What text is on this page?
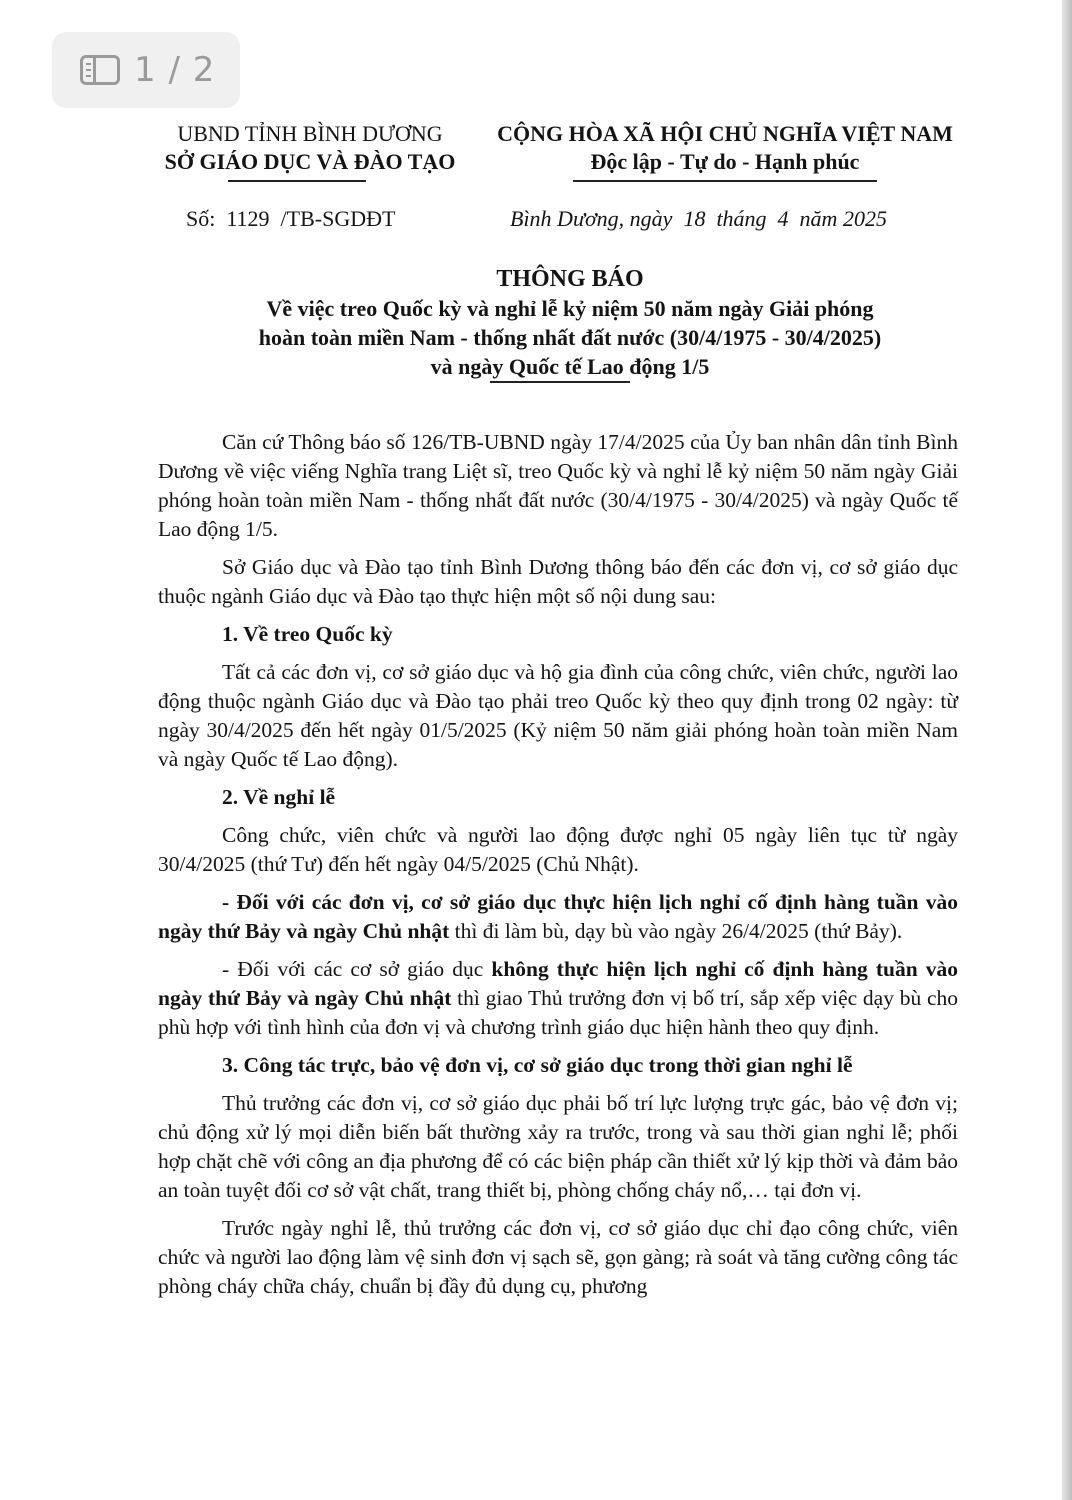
1 / 2
UBND TỈNH BÌNH DƯƠNG
SỞ GIÁO DỤC VÀ ĐÀO TẠO
CỘNG HÒA XÃ HỘI CHỦ NGHĨA VIỆT NAM
Độc lập - Tự do - Hạnh phúc
Số:  1129  /TB-SGDĐT	Bình Dương, ngày  18  tháng  4  năm 2025
THÔNG BÁO
Về việc treo Quốc kỳ và nghỉ lễ kỷ niệm 50 năm ngày Giải phóng
hoàn toàn miền Nam - thống nhất đất nước (30/4/1975 - 30/4/2025)
và ngày Quốc tế Lao động 1/5

Căn cứ Thông báo số 126/TB-UBND ngày 17/4/2025 của Ủy ban nhân dân tỉnh Bình Dương về việc viếng Nghĩa trang Liệt sĩ, treo Quốc kỳ và nghỉ lễ kỷ niệm 50 năm ngày Giải phóng hoàn toàn miền Nam - thống nhất đất nước (30/4/1975 - 30/4/2025) và ngày Quốc tế Lao động 1/5.

Sở Giáo dục và Đào tạo tỉnh Bình Dương thông báo đến các đơn vị, cơ sở giáo dục thuộc ngành Giáo dục và Đào tạo thực hiện một số nội dung sau:

1. Về treo Quốc kỳ

Tất cả các đơn vị, cơ sở giáo dục và hộ gia đình của công chức, viên chức, người lao động thuộc ngành Giáo dục và Đào tạo phải treo Quốc kỳ theo quy định trong 02 ngày: từ ngày 30/4/2025 đến hết ngày 01/5/2025 (Kỷ niệm 50 năm giải phóng hoàn toàn miền Nam và ngày Quốc tế Lao động).

2. Về nghỉ lễ

Công chức, viên chức và người lao động được nghỉ 05 ngày liên tục từ ngày 30/4/2025 (thứ Tư) đến hết ngày 04/5/2025 (Chủ Nhật).

- Đối với các đơn vị, cơ sở giáo dục thực hiện lịch nghỉ cố định hàng tuần vào ngày thứ Bảy và ngày Chủ nhật thì đi làm bù, dạy bù vào ngày 26/4/2025 (thứ Bảy).

- Đối với các cơ sở giáo dục không thực hiện lịch nghỉ cố định hàng tuần vào ngày thứ Bảy và ngày Chủ nhật thì giao Thủ trưởng đơn vị bố trí, sắp xếp việc dạy bù cho phù hợp với tình hình của đơn vị và chương trình giáo dục hiện hành theo quy định.

3. Công tác trực, bảo vệ đơn vị, cơ sở giáo dục trong thời gian nghỉ lễ

Thủ trưởng các đơn vị, cơ sở giáo dục phải bố trí lực lượng trực gác, bảo vệ đơn vị; chủ động xử lý mọi diễn biến bất thường xảy ra trước, trong và sau thời gian nghỉ lễ; phối hợp chặt chẽ với công an địa phương để có các biện pháp cần thiết xử lý kịp thời và đảm bảo an toàn tuyệt đối cơ sở vật chất, trang thiết bị, phòng chống cháy nổ,… tại đơn vị.

Trước ngày nghỉ lễ, thủ trưởng các đơn vị, cơ sở giáo dục chỉ đạo công chức, viên chức và người lao động làm vệ sinh đơn vị sạch sẽ, gọn gàng; rà soát và tăng cường công tác phòng cháy chữa cháy, chuẩn bị đầy đủ dụng cụ, phương
